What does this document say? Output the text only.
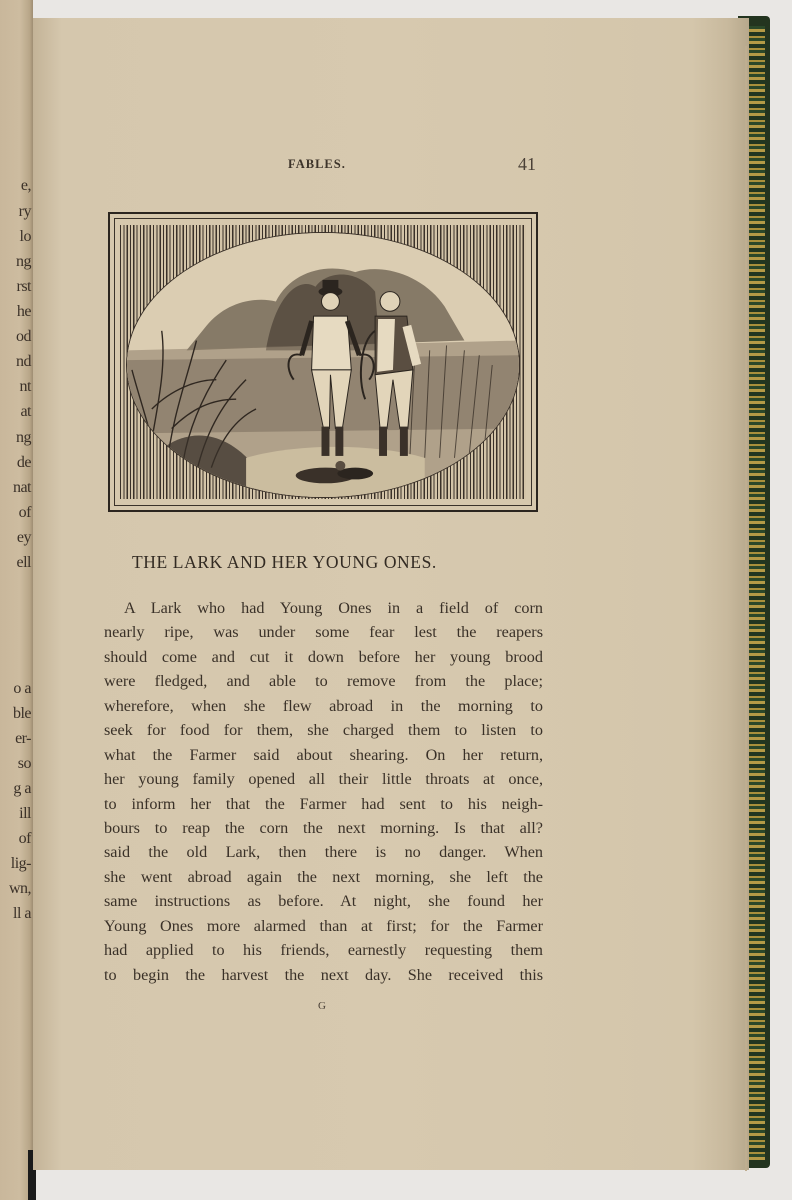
e,
ry
lo
ng
rst
he
od
nd
nt
at
ng
de
nat
of
ey
ell
o a
ble
er-
so
g a
ill
of
lig-
wn,
ll a
FABLES.	41
THE LARK AND HER YOUNG ONES.
A Lark who had Young Ones in a field of corn
nearly ripe, was under some fear lest the reapers
should come and cut it down before her young brood
were fledged, and able to remove from the place;
wherefore, when she flew abroad in the morning to
seek for food for them, she charged them to listen to
what the Farmer said about shearing. On her return,
her young family opened all their little throats at once,
to inform her that the Farmer had sent to his neigh-
bours to reap the corn the next morning. Is that all?
said the old Lark, then there is no danger. When
she went abroad again the next morning, she left the
same instructions as before. At night, she found her
Young Ones more alarmed than at first; for the Farmer
had applied to his friends, earnestly requesting them
to begin the harvest the next day. She received this
G
